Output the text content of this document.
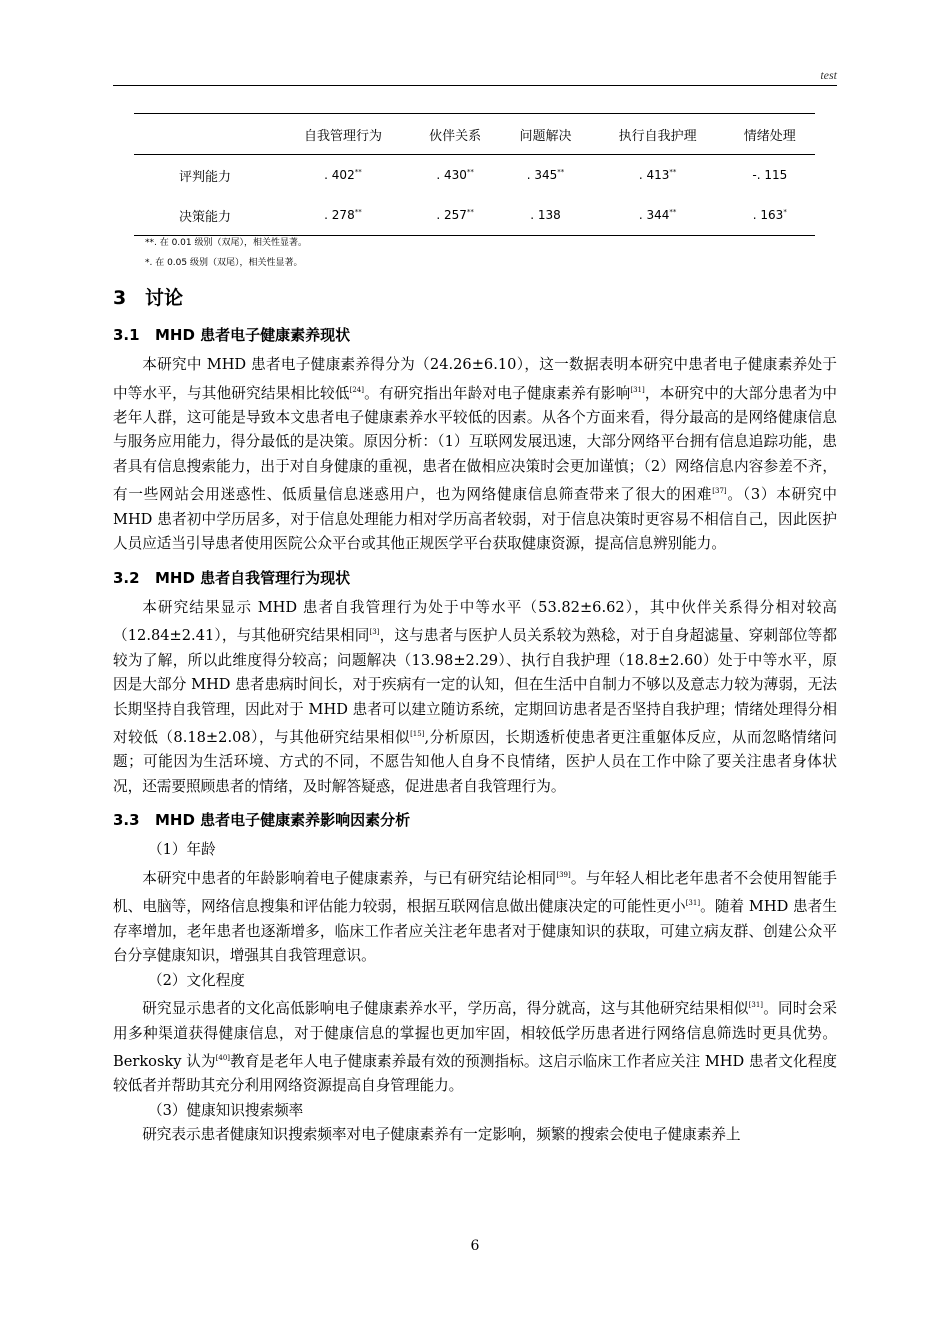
test
	自我管理行为	伙伴关系	问题解决	执行自我护理	情绪处理
评判能力	. 402**	. 430**	. 345**	. 413**	-. 115
决策能力	. 278**	. 257**	. 138	. 344**	. 163*
**. 在 0.01 级别（双尾），相关性显著。
*. 在 0.05 级别（双尾），相关性显著。
3 讨论
3.1 MHD 患者电子健康素养现状

本研究中 MHD 患者电子健康素养得分为（24.26±6.10），这一数据表明本研究中患者电子健康素养处于中等水平，与其他研究结果相比较低[24]。有研究指出年龄对电子健康素养有影响[31]，本研究中的大部分患者为中老年人群，这可能是导致本文患者电子健康素养水平较低的因素。从各个方面来看，得分最高的是网络健康信息与服务应用能力，得分最低的是决策。原因分析：（1）互联网发展迅速，大部分网络平台拥有信息追踪功能，患者具有信息搜索能力，出于对自身健康的重视，患者在做相应决策时会更加谨慎；（2）网络信息内容参差不齐，有一些网站会用迷惑性、低质量信息迷惑用户，也为网络健康信息筛查带来了很大的困难[37]。（3）本研究中 MHD 患者初中学历居多，对于信息处理能力相对学历高者较弱，对于信息决策时更容易不相信自己，因此医护人员应适当引导患者使用医院公众平台或其他正规医学平台获取健康资源，提高信息辨别能力。

3.2 MHD 患者自我管理行为现状

本研究结果显示 MHD 患者自我管理行为处于中等水平（53.82±6.62），其中伙伴关系得分相对较高（12.84±2.41），与其他研究结果相同[3]，这与患者与医护人员关系较为熟稔，对于自身超滤量、穿刺部位等都较为了解，所以此维度得分较高；问题解决（13.98±2.29）、执行自我护理（18.8±2.60）处于中等水平，原因是大部分 MHD 患者患病时间长，对于疾病有一定的认知，但在生活中自制力不够以及意志力较为薄弱，无法长期坚持自我管理，因此对于 MHD 患者可以建立随访系统，定期回访患者是否坚持自我护理；情绪处理得分相对较低（8.18±2.08），与其他研究结果相似[15],分析原因，长期透析使患者更注重躯体反应，从而忽略情绪问题；可能因为生活环境、方式的不同，不愿告知他人自身不良情绪，医护人员在工作中除了要关注患者身体状况，还需要照顾患者的情绪，及时解答疑惑，促进患者自我管理行为。

3.3 MHD 患者电子健康素养影响因素分析

（1）年龄

本研究中患者的年龄影响着电子健康素养，与已有研究结论相同[39]。与年轻人相比老年患者不会使用智能手机、电脑等，网络信息搜集和评估能力较弱，根据互联网信息做出健康决定的可能性更小[31]。随着 MHD 患者生存率增加，老年患者也逐渐增多，临床工作者应关注老年患者对于健康知识的获取，可建立病友群、创建公众平台分享健康知识，增强其自我管理意识。

（2）文化程度

研究显示患者的文化高低影响电子健康素养水平，学历高，得分就高，这与其他研究结果相似[31]。同时会采用多种渠道获得健康信息，对于健康信息的掌握也更加牢固，相较低学历患者进行网络信息筛选时更具优势。Berkosky 认为[40]教育是老年人电子健康素养最有效的预测指标。这启示临床工作者应关注 MHD 患者文化程度较低者并帮助其充分利用网络资源提高自身管理能力。

（3）健康知识搜索频率

研究表示患者健康知识搜索频率对电子健康素养有一定影响，频繁的搜索会使电子健康素养上

6
